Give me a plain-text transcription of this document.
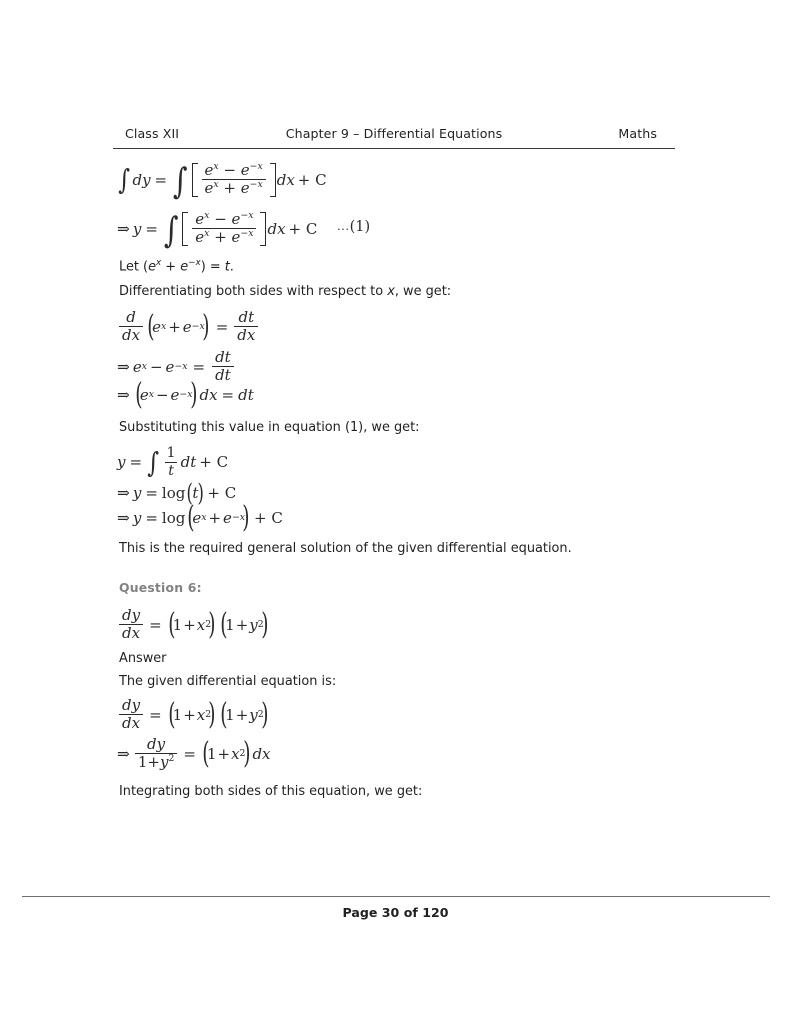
Class XII	Chapter 9 – Differential Equations	Maths
∫ dy = ∫ $\frac{e^x - e^{-x}}{e^x + e^{-x}}$ dx + C
⇒ y = ∫ $\frac{e^x - e^{-x}}{e^x + e^{-x}}$ dx + C ...(1)
Let $(e^x + e^{-x}) = t$.
Differentiating both sides with respect to x, we get:
$\frac{d}{dx}$ ( e x + e −x
) = $\frac{dt}{dx}$
⇒ e $x - e -x = \frac{dt}{dt}$
⇒ ( e x − e −x
) dx = dt
Substituting this value in equation (1), we get:
y = ∫ $\frac{1}{t}$ dt + C
⇒ y = log ( t
) + C
⇒ y = log ( e x + e −x
) + C
This is the required general solution of the given differential equation.
Question 6:
$\frac{dy}{dx}$ = ( 1 + x 2
) ( 1 + y 2
)
Answer
The given differential equation is:
$\frac{dy}{dx}$ = ( 1 + x 2
) ( 1 + y 2
)
⇒ $\frac{dy}{1+y^2}$ = ( 1 + x 2
) dx
Integrating both sides of this equation, we get:
Page 30 of 120
